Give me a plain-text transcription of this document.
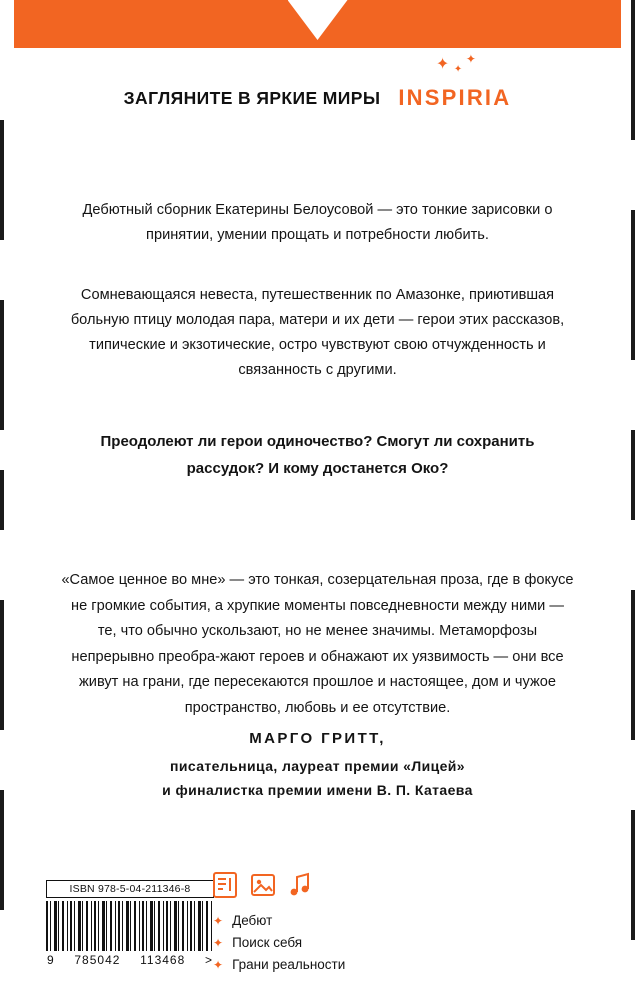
ЗАГЛЯНИТЕ В ЯРКИЕ МИРЫ
✦ ✦
✦
INSPIRIA
Дебютный сборник Екатерины Белоусовой — это тонкие зарисовки о принятии, умении прощать и потребности любить.
Сомневающаяся невеста, путешественник по Амазонке, приютившая больную птицу молодая пара, матери и их дети — герои этих рассказов, типические и экзотические, остро чувствуют свою отчужденность и связанность с другими.
Преодолеют ли герои одиночество? Смогут ли сохранить рассудок? И кому достанется Око?
«Самое ценное во мне» — это тонкая, созерцательная проза, где в фокусе не громкие события, а хрупкие моменты повседневности между ними — те, что обычно ускользают, но не менее значимы. Метаморфозы непрерывно преобра-жают героев и обнажают их уязвимость — они все живут на грани, где пересекаются прошлое и настоящее, дом и чужое пространство, любовь и ее отсутствие.
МАРГО ГРИТТ,
писательница, лауреат премии «Лицей»
и финалистка премии имени В. П. Катаева
ISBN 978-5-04-211346-8
9 785042 113468 >
✦ Дебют
✦ Поиск себя
✦ Грани реальности
